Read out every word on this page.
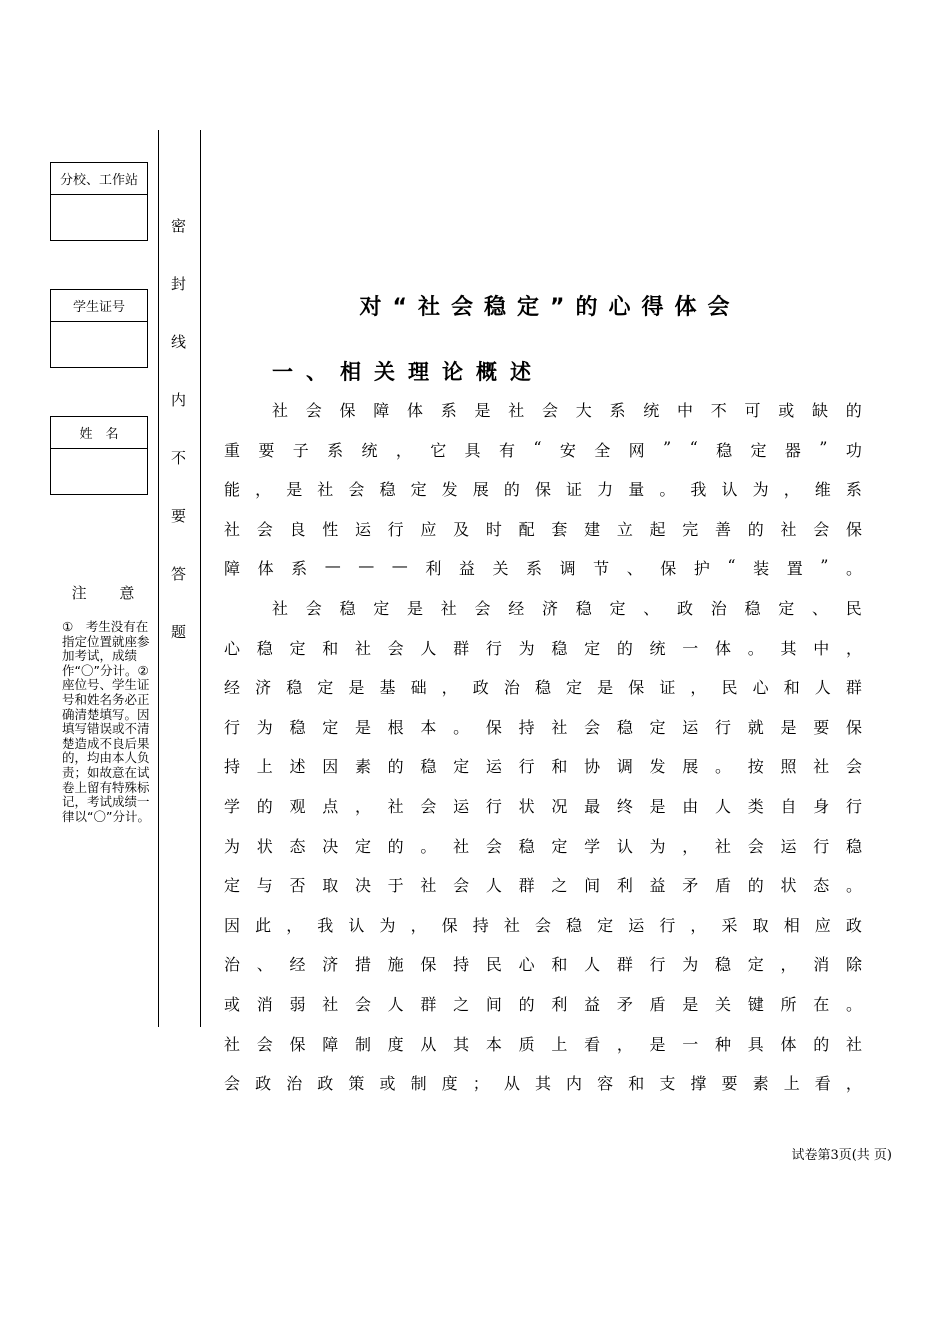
分校、工作站
学生证号
姓　名
密
封
线
内
不
要
答
题
注 意
①　考生没有在指定位置就座参加考试，成绩作“〇”分计。②　座位号、学生证号和姓名务必正确清楚填写。因填写错误或不清楚造成不良后果的，均由本人负责；如故意在试卷上留有特殊标记，考试成绩一律以“〇”分计。
对“社会稳定”的心得体会
一、相关理论概述
社 会 保 障 体 系 是 社 会 大 系 统 中 不 可 或 缺 的
重 要 子 系 统 ， 它 具 有 “ 安 全 网 ” “ 稳 定 器 ” 功
能 ， 是 社 会 稳 定 发 展 的 保 证 力 量 。 我 认 为 ， 维 系
社 会 良 性 运 行 应 及 时 配 套 建 立 起 完 善 的 社 会 保
障 体 系 — — — 利 益 关 系 调 节 、 保 护 “ 装 置 ” 。
社 会 稳 定 是 社 会 经 济 稳 定 、 政 治 稳 定 、 民
心 稳 定 和 社 会 人 群 行 为 稳 定 的 统 一 体 。 其 中 ，
经 济 稳 定 是 基 础 ， 政 治 稳 定 是 保 证 ， 民 心 和 人 群
行 为 稳 定 是 根 本 。 保 持 社 会 稳 定 运 行 就 是 要 保
持 上 述 因 素 的 稳 定 运 行 和 协 调 发 展 。 按 照 社 会
学 的 观 点 ， 社 会 运 行 状 况 最 终 是 由 人 类 自 身 行
为 状 态 决 定 的 。 社 会 稳 定 学 认 为 ， 社 会 运 行 稳
定 与 否 取 决 于 社 会 人 群 之 间 利 益 矛 盾 的 状 态 。
因 此 ， 我 认 为 ， 保 持 社 会 稳 定 运 行 ， 采 取 相 应 政
治 、 经 济 措 施 保 持 民 心 和 人 群 行 为 稳 定 ， 消 除
或 消 弱 社 会 人 群 之 间 的 利 益 矛 盾 是 关 键 所 在 。
社 会 保 障 制 度 从 其 本 质 上 看 ， 是 一 种 具 体 的 社
会 政 治 政 策 或 制 度 ； 从 其 内 容 和 支 撑 要 素 上 看 ，
试卷第3页(共 页)
